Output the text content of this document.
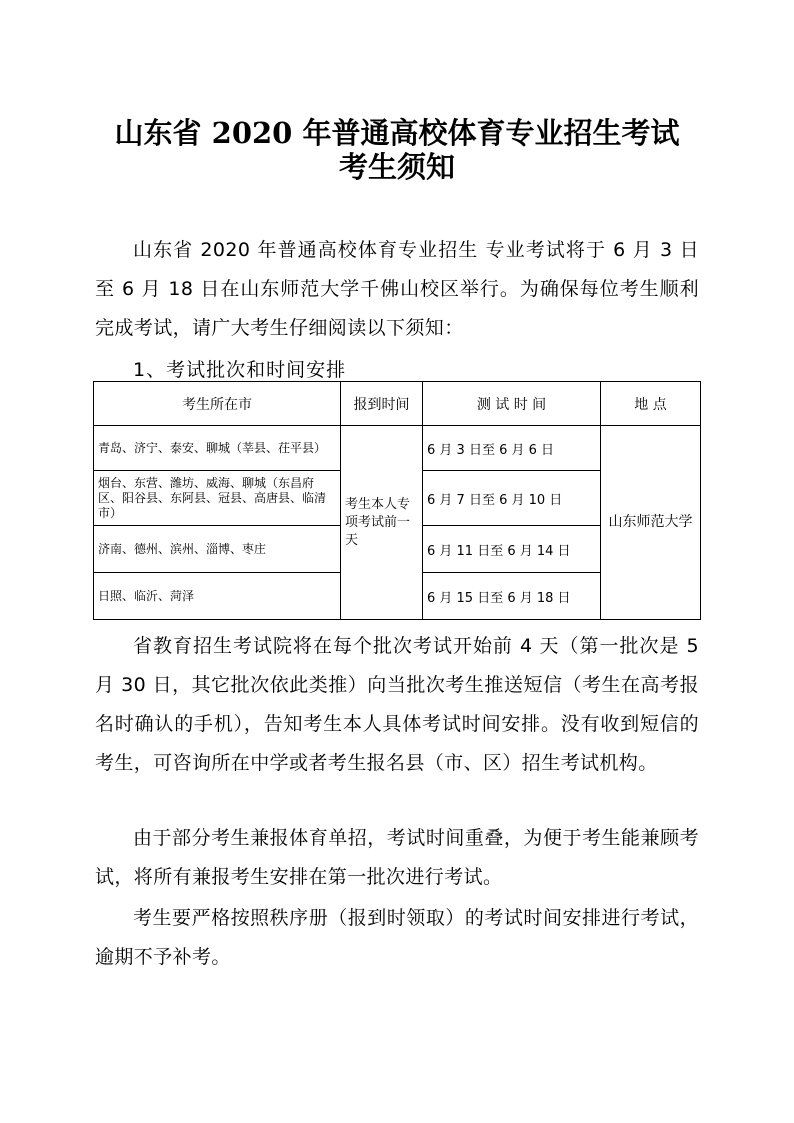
山东省 2020 年普通高校体育专业招生考试
考生须知

山东省 2020 年普通高校体育专业招生 专业考试将于 6 月 3 日至 6 月 18 日在山东师范大学千佛山校区举行。为确保每位考生顺利完成考试，请广大考生仔细阅读以下须知：

1、考试批次和时间安排

考生所在市	报到时间	测 试 时 间	地 点
青岛、济宁、泰安、聊城（莘县、茌平县）	考生本人专项考试前一天	6 月 3 日至 6 月 6 日	山东师范大学
烟台、东营、潍坊、威海、聊城（东昌府区、阳谷县、东阿县、冠县、高唐县、临清市）		6 月 7 日至 6 月 10 日	
济南、德州、滨州、淄博、枣庄		6 月 11 日至 6 月 14 日	
日照、临沂、菏泽		6 月 15 日至 6 月 18 日	

省教育招生考试院将在每个批次考试开始前 4 天（第一批次是 5 月 30 日，其它批次依此类推）向当批次考生推送短信（考生在高考报名时确认的手机），告知考生本人具体考试时间安排。没有收到短信的考生，可咨询所在中学或者考生报名县（市、区）招生考试机构。

由于部分考生兼报体育单招，考试时间重叠，为便于考生能兼顾考试，将所有兼报考生安排在第一批次进行考试。

考生要严格按照秩序册（报到时领取）的考试时间安排进行考试，逾期不予补考。
